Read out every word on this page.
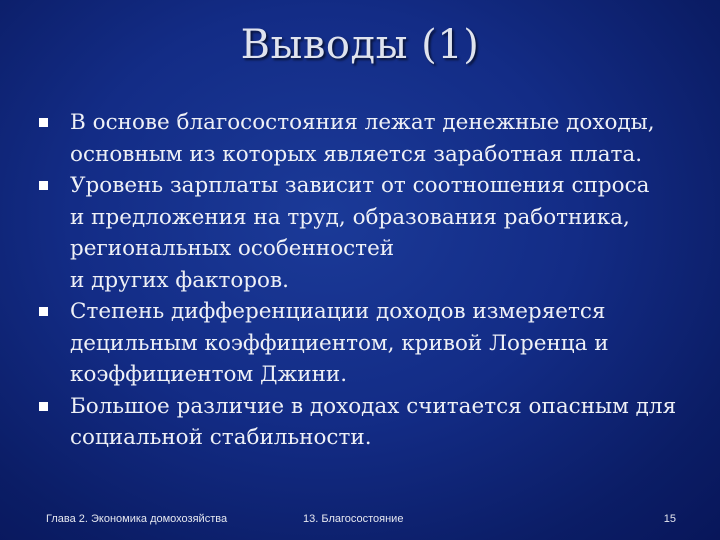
Выводы (1)
В основе благосостояния лежат денежные доходы,
основным из которых является заработная плата.
Уровень зарплаты зависит от соотношения спроса
и предложения на труд, образования работника,
региональных особенностей
и других факторов.
Степень дифференциации доходов измеряется
децильным коэффициентом, кривой Лоренца и
коэффициентом Джини.
Большое различие в доходах считается опасным для
социальной стабильности.
Глава 2. Экономика домохозяйства	13. Благосостояние	15
